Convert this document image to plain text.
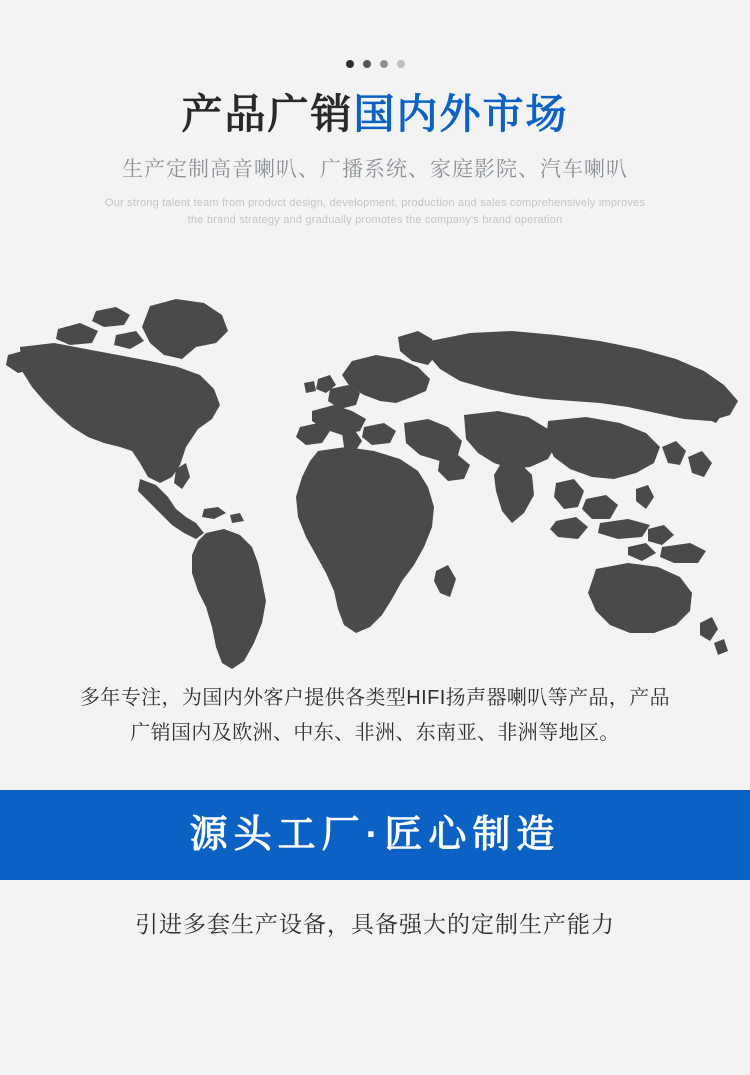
产品广销国内外市场

生产定制高音喇叭、广播系统、家庭影院、汽车喇叭

Our strong talent team from product design, development, production and sales comprehensively improves
the brand strategy and gradually promotes the company's brand operation
多年专注，为国内外客户提供各类型HIFI扬声器喇叭等产品，产品
广销国内及欧洲、中东、非洲、东南亚、非洲等地区。
源头工厂·匠心制造
引进多套生产设备，具备强大的定制生产能力
